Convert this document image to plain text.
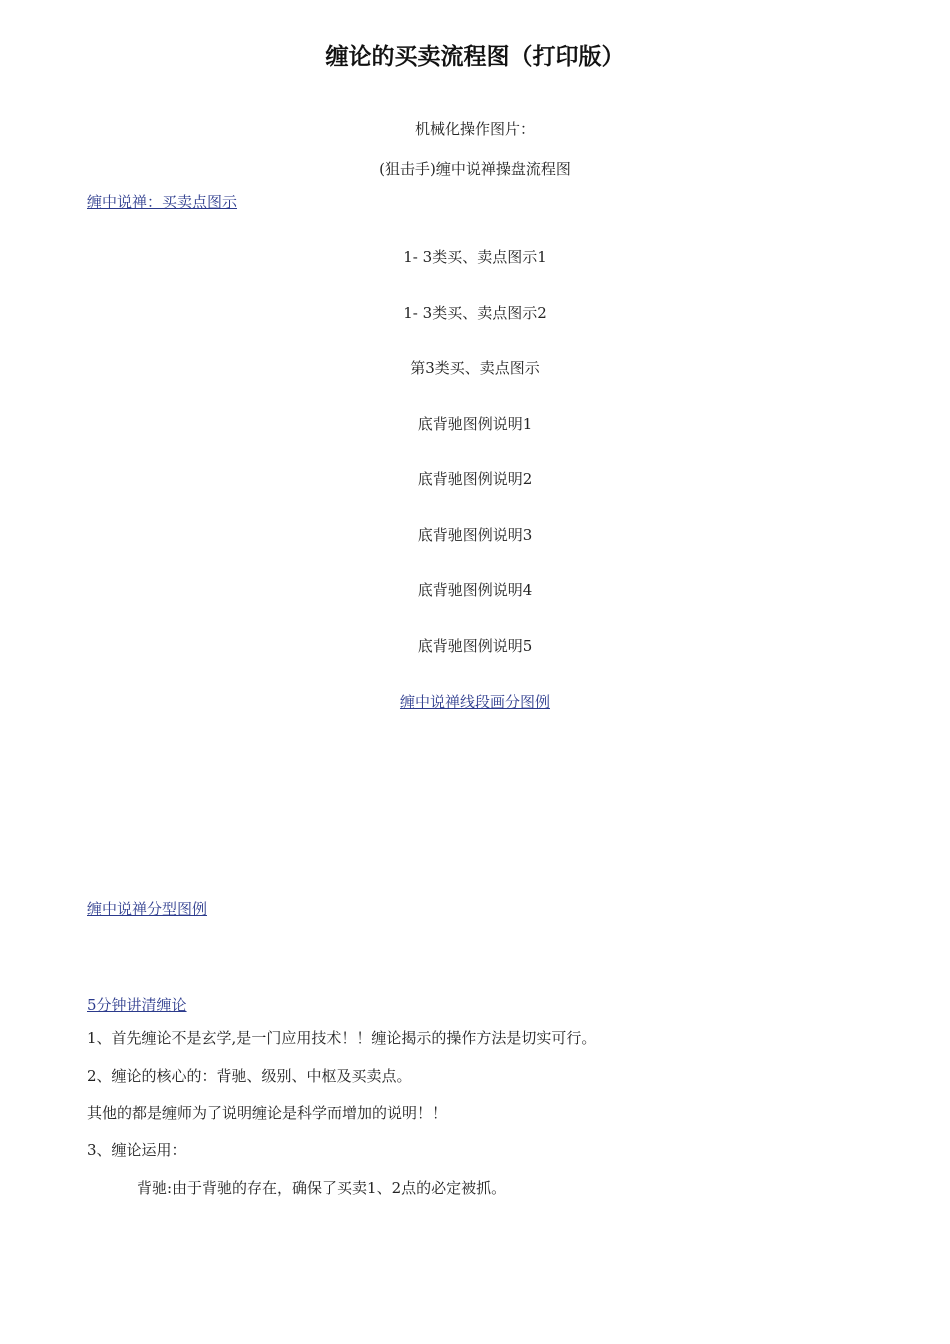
缠论的买卖流程图（打印版）
机械化操作图片：
(狙击手)缠中说禅操盘流程图
缠中说禅：买卖点图示
1- 3类买、卖点图示1
1- 3类买、卖点图示2
第3类买、卖点图示
底背驰图例说明1
底背驰图例说明2
底背驰图例说明3
底背驰图例说明4
底背驰图例说明5
缠中说禅线段画分图例
缠中说禅分型图例
5分钟讲清缠论
1、首先缠论不是玄学,是一门应用技术！！缠论揭示的操作方法是切实可行。
2、缠论的核心的：背驰、级别、中枢及买卖点。
其他的都是缠师为了说明缠论是科学而增加的说明！！
3、缠论运用：
背驰:由于背驰的存在，确保了买卖1、2点的必定被抓。
